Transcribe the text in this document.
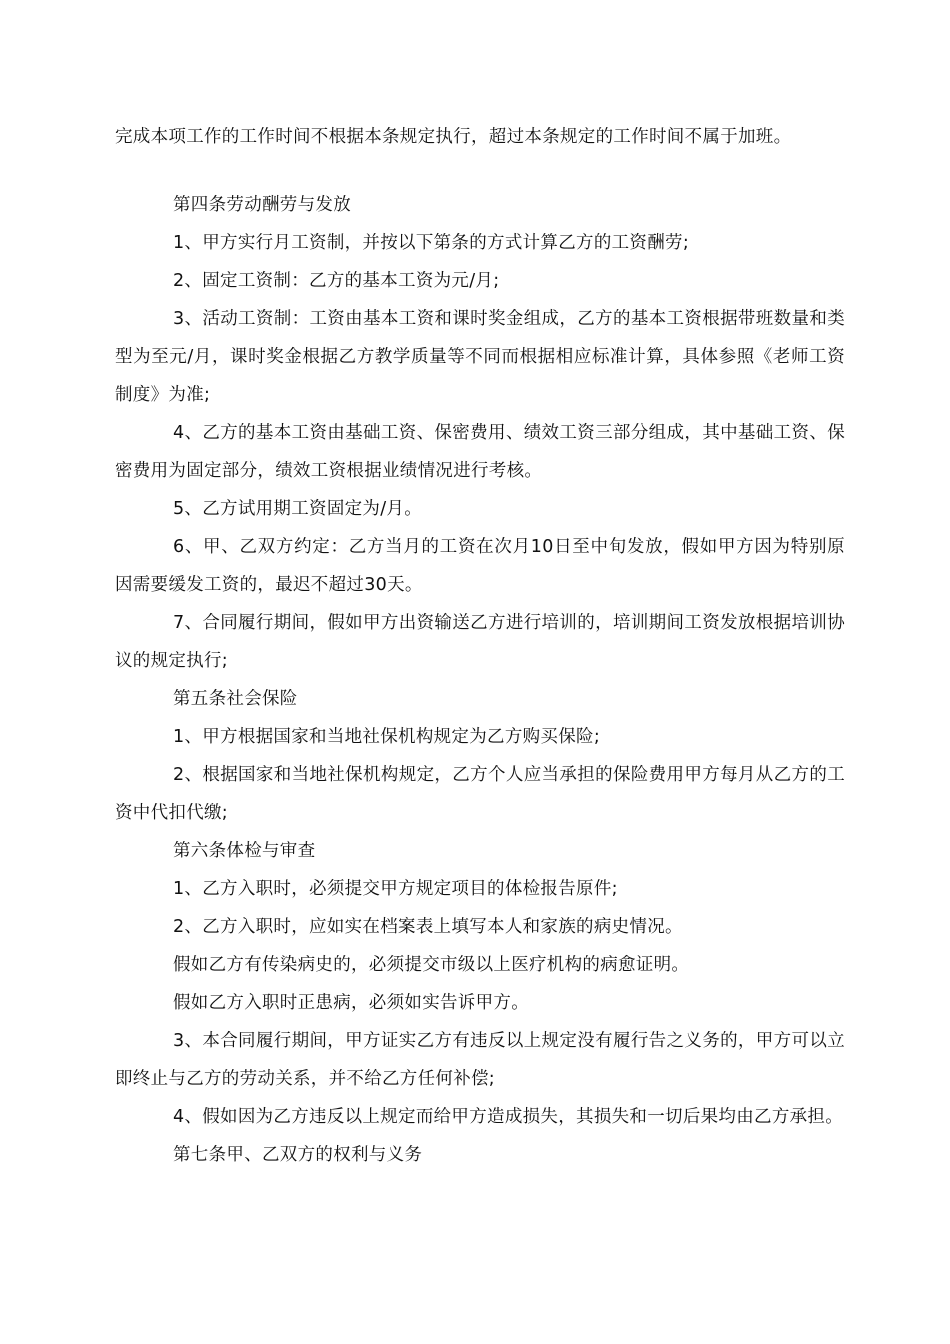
完成本项工作的工作时间不根据本条规定执行，超过本条规定的工作时间不属于加班。

第四条劳动酬劳与发放

1、甲方实行月工资制，并按以下第条的方式计算乙方的工资酬劳;

2、固定工资制：乙方的基本工资为元/月;

3、活动工资制：工资由基本工资和课时奖金组成，乙方的基本工资根据带班数量和类型为至元/月，课时奖金根据乙方教学质量等不同而根据相应标准计算，具体参照《老师工资制度》为准;

4、乙方的基本工资由基础工资、保密费用、绩效工资三部分组成，其中基础工资、保密费用为固定部分，绩效工资根据业绩情况进行考核。

5、乙方试用期工资固定为/月。

6、甲、乙双方约定：乙方当月的工资在次月10日至中旬发放，假如甲方因为特别原因需要缓发工资的，最迟不超过30天。

7、合同履行期间，假如甲方出资输送乙方进行培训的，培训期间工资发放根据培训协议的规定执行;

第五条社会保险

1、甲方根据国家和当地社保机构规定为乙方购买保险;

2、根据国家和当地社保机构规定，乙方个人应当承担的保险费用甲方每月从乙方的工资中代扣代缴;

第六条体检与审查

1、乙方入职时，必须提交甲方规定项目的体检报告原件;

2、乙方入职时，应如实在档案表上填写本人和家族的病史情况。

假如乙方有传染病史的，必须提交市级以上医疗机构的病愈证明。

假如乙方入职时正患病，必须如实告诉甲方。

3、本合同履行期间，甲方证实乙方有违反以上规定没有履行告之义务的，甲方可以立即终止与乙方的劳动关系，并不给乙方任何补偿;

4、假如因为乙方违反以上规定而给甲方造成损失，其损失和一切后果均由乙方承担。

第七条甲、乙双方的权利与义务
